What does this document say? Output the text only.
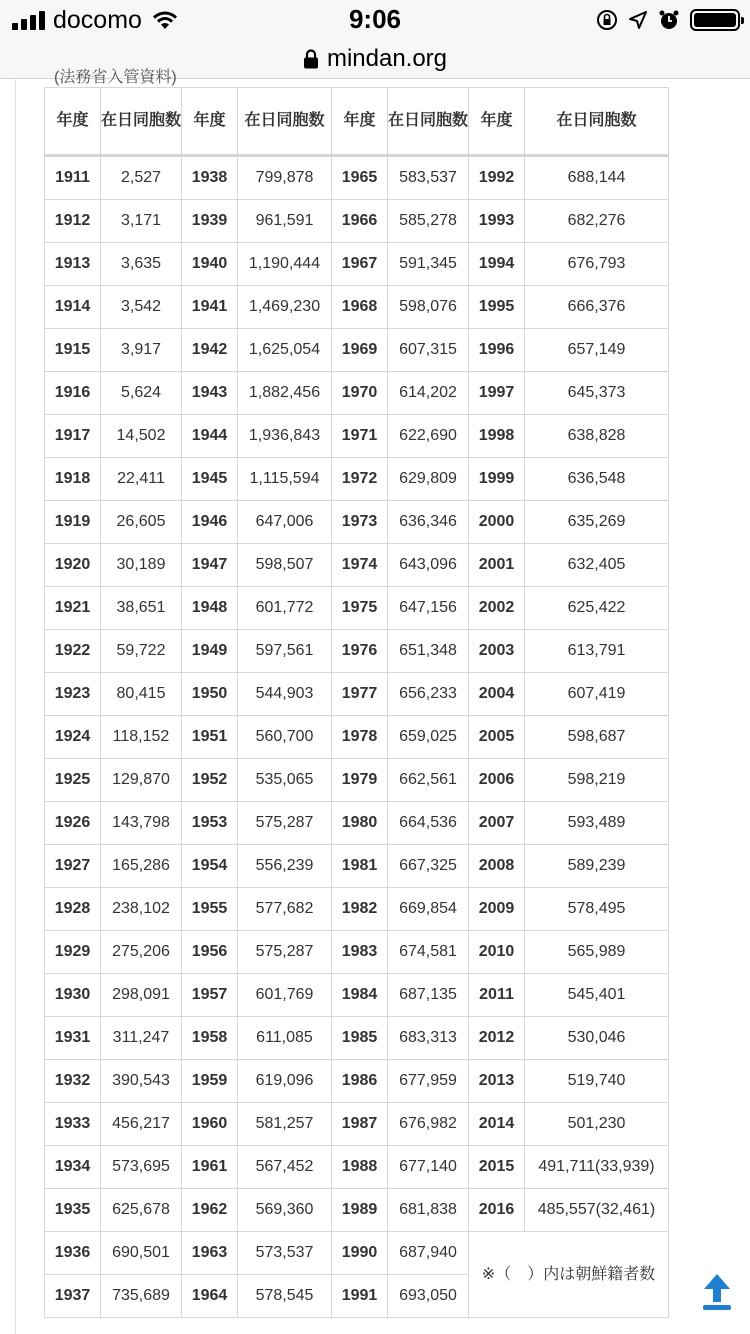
docomo	9:06
mindan.org
(法務省入管資料)
年度	在日同胞数	年度	在日同胞数	年度	在日同胞数	年度	在日同胞数
1911	2,527	1938	799,878	1965	583,537	1992	688,144
1912	3,171	1939	961,591	1966	585,278	1993	682,276
1913	3,635	1940	1,190,444	1967	591,345	1994	676,793
1914	3,542	1941	1,469,230	1968	598,076	1995	666,376
1915	3,917	1942	1,625,054	1969	607,315	1996	657,149
1916	5,624	1943	1,882,456	1970	614,202	1997	645,373
1917	14,502	1944	1,936,843	1971	622,690	1998	638,828
1918	22,411	1945	1,115,594	1972	629,809	1999	636,548
1919	26,605	1946	647,006	1973	636,346	2000	635,269
1920	30,189	1947	598,507	1974	643,096	2001	632,405
1921	38,651	1948	601,772	1975	647,156	2002	625,422
1922	59,722	1949	597,561	1976	651,348	2003	613,791
1923	80,415	1950	544,903	1977	656,233	2004	607,419
1924	118,152	1951	560,700	1978	659,025	2005	598,687
1925	129,870	1952	535,065	1979	662,561	2006	598,219
1926	143,798	1953	575,287	1980	664,536	2007	593,489
1927	165,286	1954	556,239	1981	667,325	2008	589,239
1928	238,102	1955	577,682	1982	669,854	2009	578,495
1929	275,206	1956	575,287	1983	674,581	2010	565,989
1930	298,091	1957	601,769	1984	687,135	2011	545,401
1931	311,247	1958	611,085	1985	683,313	2012	530,046
1932	390,543	1959	619,096	1986	677,959	2013	519,740
1933	456,217	1960	581,257	1987	676,982	2014	501,230
1934	573,695	1961	567,452	1988	677,140	2015	491,711(33,939)
1935	625,678	1962	569,360	1989	681,838	2016	485,557(32,461)
1936	690,501	1963	573,537	1990	687,940	※（　）内は朝鮮籍者数	
1937	735,689	1964	578,545	1991	693,050		
